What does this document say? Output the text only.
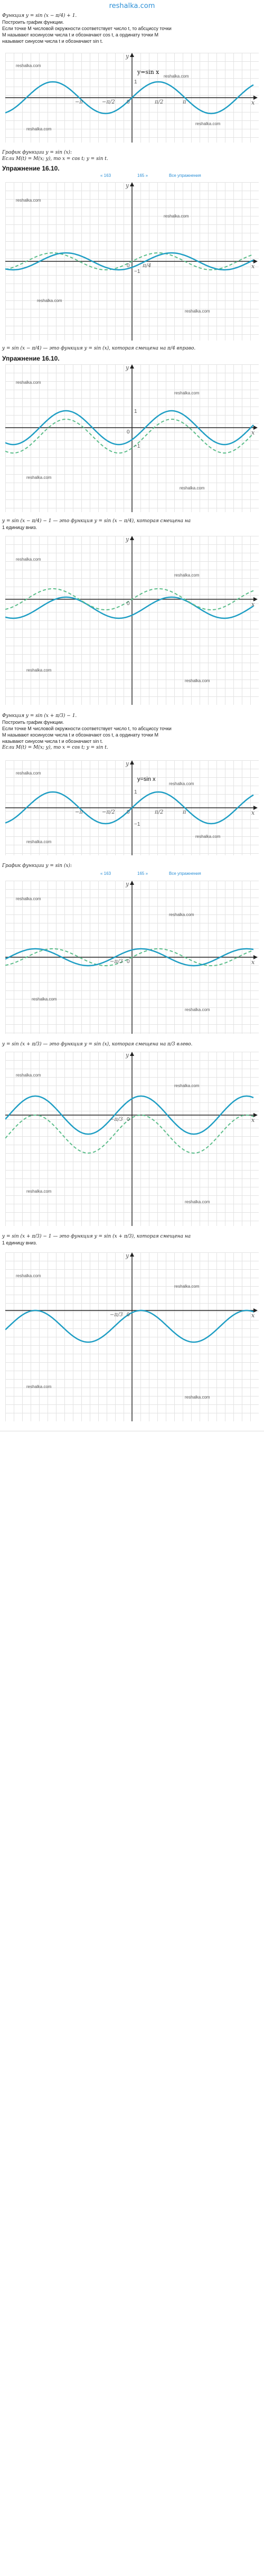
reshalka.com
Функция y = sin (x − π/4) + 1.
Построить график функции.
Если точке M числовой окружности соответствует число t, то абсциссу точки
M называют косинусом числа t и обозначают cos t, а ординату точки M
называют синусом числа t и обозначают sin t.
y=sin x
y
x
0
1
−π	−π/2	π/2	π
reshalka.com
reshalka.com
reshalka.com
reshalka.com
График функции y = sin (x):
Если M(t) = M(x; y), то x = cos t; y = sin t.
Упражнение 16.10.
« 163	165 »	Все упражнения
y
x
0 π/4
−1
reshalka.com
reshalka.com
reshalka.com
reshalka.com
y = sin (x − π/4) — это функция y = sin (x), которая смещена на π/4 вправо.
Упражнение 16.10.
y
x
0
1
−1
reshalka.com
reshalka.com
reshalka.com
reshalka.com
y = sin (x − π/4) − 1 — это функция y = sin (x − π/4), которая смещена на
1 единицу вниз.
y
x
0
reshalka.com
reshalka.com
reshalka.com
reshalka.com
Функция y = sin (x + π/3) − 1.
Построить график функции.
Если точке M числовой окружности соответствует число t, то абсциссу точки
M называют косинусом числа t и обозначают cos t, а ординату точки M
называют синусом числа t и обозначают sin t.
Если M(t) = M(x; y), то x = cos t; y = sin t.
y=sin x
y
x
0
1
−1
−π	−π/2	π/2	π
reshalka.com
reshalka.com
reshalka.com
reshalka.com
График функции y = sin (x):
« 163	165 »	Все упражнения
y
x
0
−π/3
reshalka.com
reshalka.com
reshalka.com
reshalka.com
y = sin (x + π/3) — это функция y = sin (x), которая смещена на π/3 влево.
y
x
0
−π/3
reshalka.com
reshalka.com
reshalka.com
reshalka.com
y = sin (x + π/3) − 1 — это функция y = sin (x + π/3), которая смещена на
1 единицу вниз.
y
x
0
−π/3
reshalka.com
reshalka.com
reshalka.com
reshalka.com
